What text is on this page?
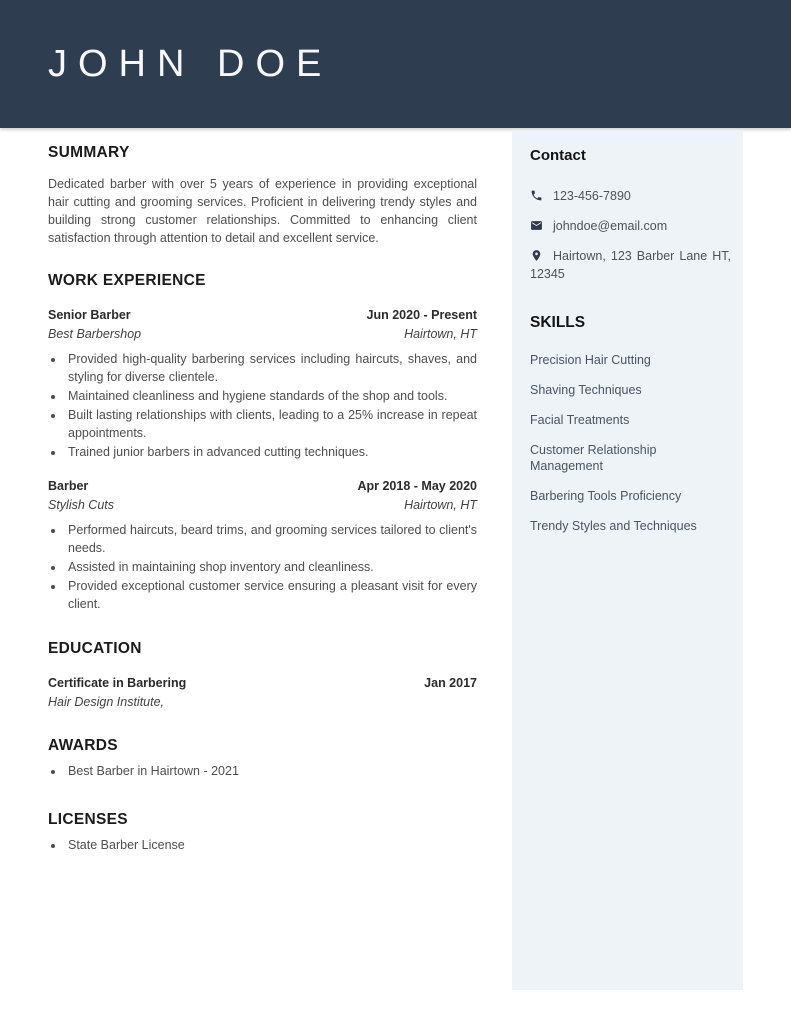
JOHN DOE
SUMMARY

Dedicated barber with over 5 years of experience in providing exceptional hair cutting and grooming services. Proficient in delivering trendy styles and building strong customer relationships. Committed to enhancing client satisfaction through attention to detail and excellent service.

WORK EXPERIENCE
Senior Barber	Jun 2020 - Present
Best Barbershop	Hairtown, HT
• Provided high-quality barbering services including haircuts, shaves, and styling for diverse clientele.
• Maintained cleanliness and hygiene standards of the shop and tools.
• Built lasting relationships with clients, leading to a 25% increase in repeat appointments.
• Trained junior barbers in advanced cutting techniques.
Barber	Apr 2018 - May 2020
Stylish Cuts	Hairtown, HT
• Performed haircuts, beard trims, and grooming services tailored to client's needs.
• Assisted in maintaining shop inventory and cleanliness.
• Provided exceptional customer service ensuring a pleasant visit for every client.
EDUCATION
Certificate in Barbering	Jan 2017
Hair Design Institute,
AWARDS
• Best Barber in Hairtown - 2021
LICENSES
• State Barber License
Contact
123-456-7890
johndoe@email.com
Hairtown, 123 Barber Lane HT, 12345
SKILLS
Precision Hair Cutting
Shaving Techniques
Facial Treatments
Customer Relationship Management
Barbering Tools Proficiency
Trendy Styles and Techniques
